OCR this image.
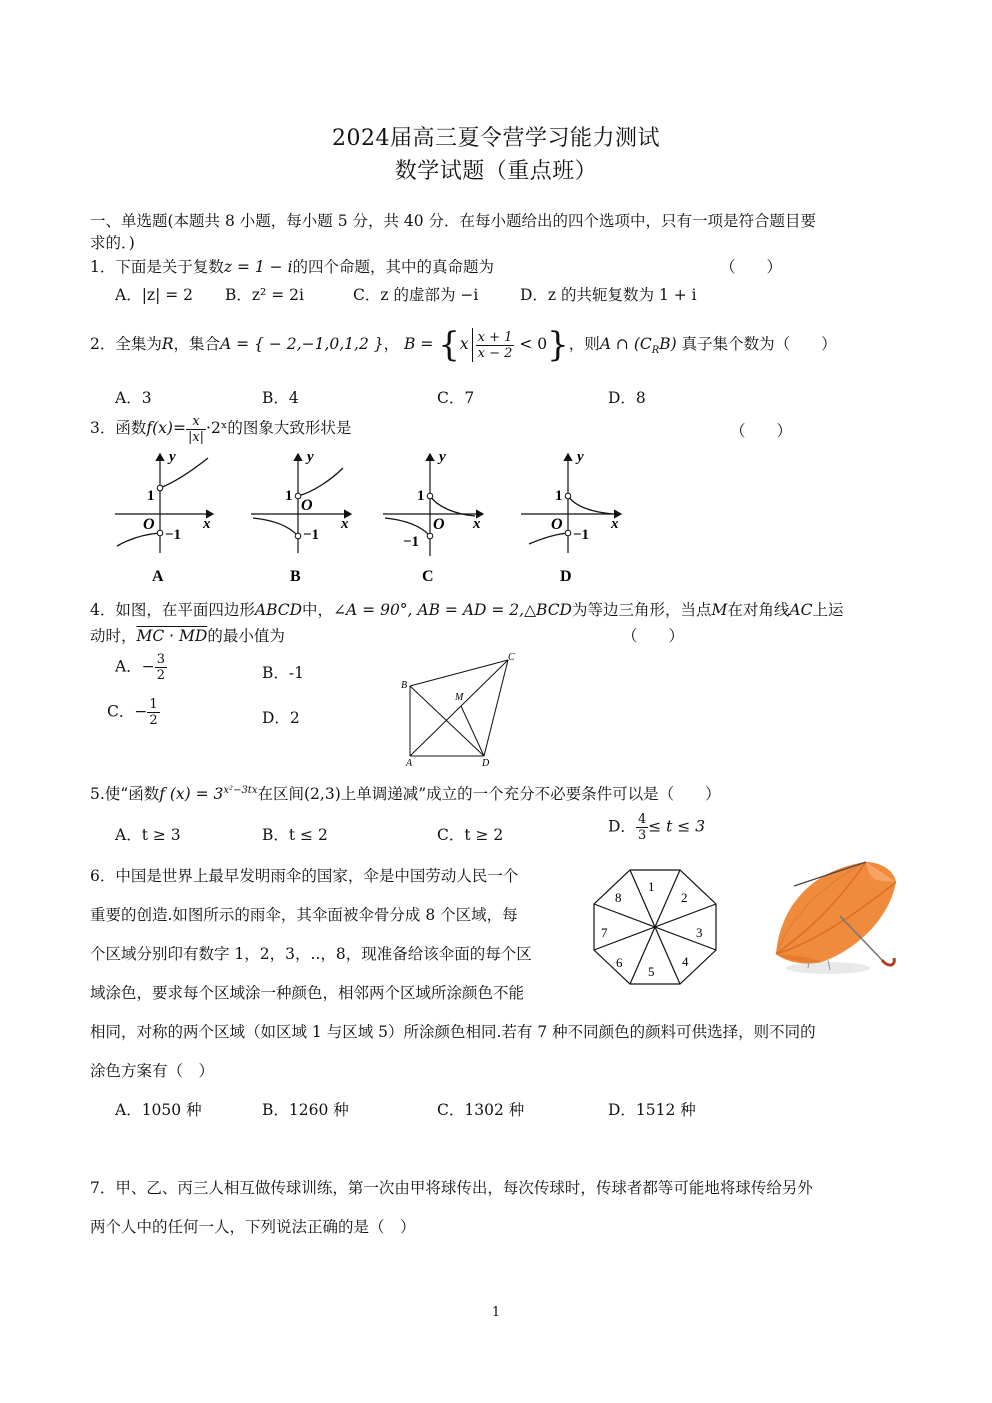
2024届高三夏令营学习能力测试
数学试题（重点班）
一、单选题(本题共 8 小题，每小题 5 分，共 40 分．在每小题给出的四个选项中，只有一项是符合题目要
求的．)
1．下面是关于复数z = 1 − i的四个命题，其中的真命题为	（　　）
A．|z| = 2 B．z² = 2i	C．z 的虚部为 −i	D．z 的共轭复数为 1 + i
2．全集为R，集合A = { − 2,−1,0,1,2 }， $B = \{x \frac{x + 1}{x - 2} < 0\}$，则A ∩ $(C_RB)$ 真子集个数为（　　）
A．3	B．4	C．7	D．8
3．函数$f(x)= \frac{x}{|x|}$ ·2ˣ的图象大致形状是	（　　）
y
x
O
1
−1
A
y
x
O
1
−1
B
y
x
O
1
−1
C
y
x
O
1
−1
D
4．如图，在平面四边形ABCD中，∠A = 90°, AB = AD = 2,△BCD为等边三角形，当点M在对角线AC上运
动时，MC · MD的最小值为	（　　）
A．− $\frac{3}{2}$	B．-1
C．− $\frac{1}{2}$	D．2
B
C
M
A	D
5.使“函数f $(x) = 3^{x^2-3tx}$在区间(2,3)上单调递减”成立的一个充分不必要条件可以是（　　）
A．t ≥ 3	B．t ≤ 2	C．t ≥ 2	D． $\frac{4}{3} \le t \le 3$
6．中国是世界上最早发明雨伞的国家，伞是中国劳动人民一个
重要的创造.如图所示的雨伞，其伞面被伞骨分成 8 个区域，每
个区域分别印有数字 1，2，3，..，8，现准备给该伞面的每个区
域涂色，要求每个区域涂一种颜色，相邻两个区域所涂颜色不能
相同，对称的两个区域（如区域 1 与区域 5）所涂颜色相同.若有 7 种不同颜色的颜料可供选择，则不同的
涂色方案有（　）
A．1050 种	B．1260 种	C．1302 种	D．1512 种
1
2
3
4
5
6
7
8
7．甲、乙、丙三人相互做传球训练，第一次由甲将球传出，每次传球时，传球者都等可能地将球传给另外
两个人中的任何一人，下列说法正确的是（　）
1
